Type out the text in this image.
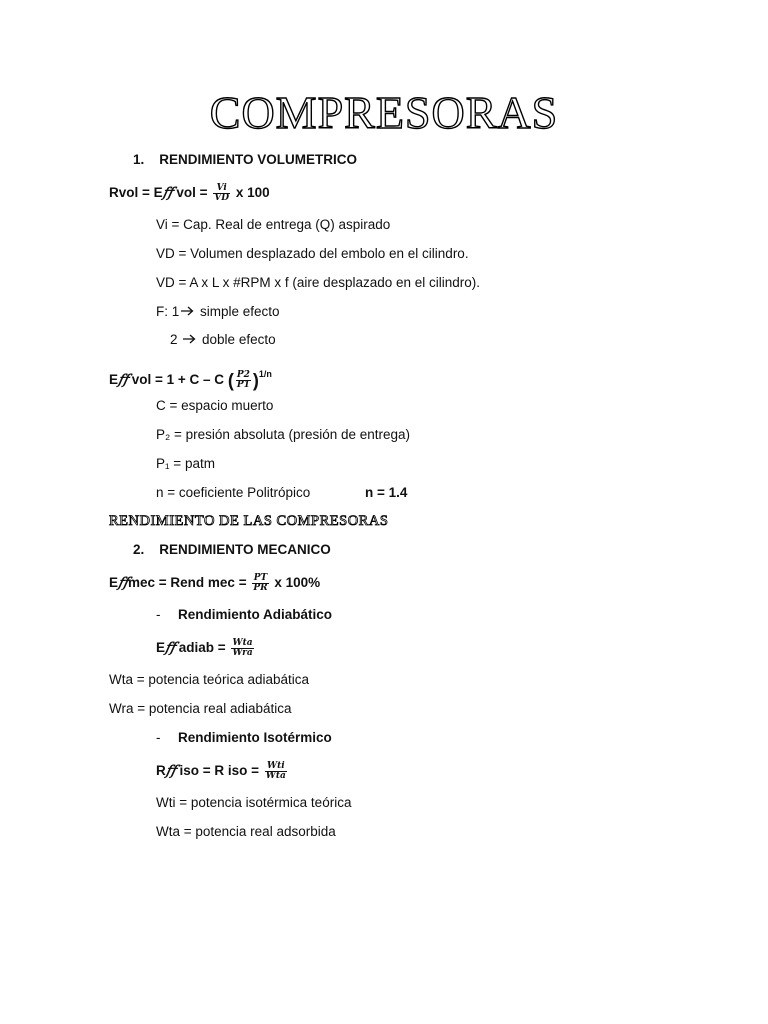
COMPRESORAS
1.    RENDIMIENTO VOLUMETRICO
Rvol = E𝑓𝑓 vol = $\frac{Vi}{VD}$ x 100
Vi = Cap. Real de entrega (Q) aspirado
VD = Volumen desplazado del embolo en el cilindro.
VD = A x L x #RPM x f (aire desplazado en el cilindro).
F: 1 simple efecto
2  doble efecto
E𝑓𝑓 vol = 1 + C – C ( $\frac{P2}{P1} )^{1/n}$
C = espacio muerto
P₂ = presión absoluta (presión de entrega)
P₁ = patm
n = coeficiente Politrópico	n = 1.4
RENDIMIENTO DE LAS COMPRESORAS
2.    RENDIMIENTO MECANICO
E𝑓𝑓mec = Rend mec = $\frac{PT}{PR}$ x 100%
- Rendimiento Adiabático
E𝑓𝑓 adiab = $\frac{\text{Wta}}{\text{Wra}}$
Wta = potencia teórica adiabática
Wra = potencia real adiabática
- Rendimiento Isotérmico
R𝑓𝑓 iso = R iso = $\frac{\text{Wti}}{\text{Wta}}$
Wti = potencia isotérmica teórica
Wta = potencia real adsorbida
